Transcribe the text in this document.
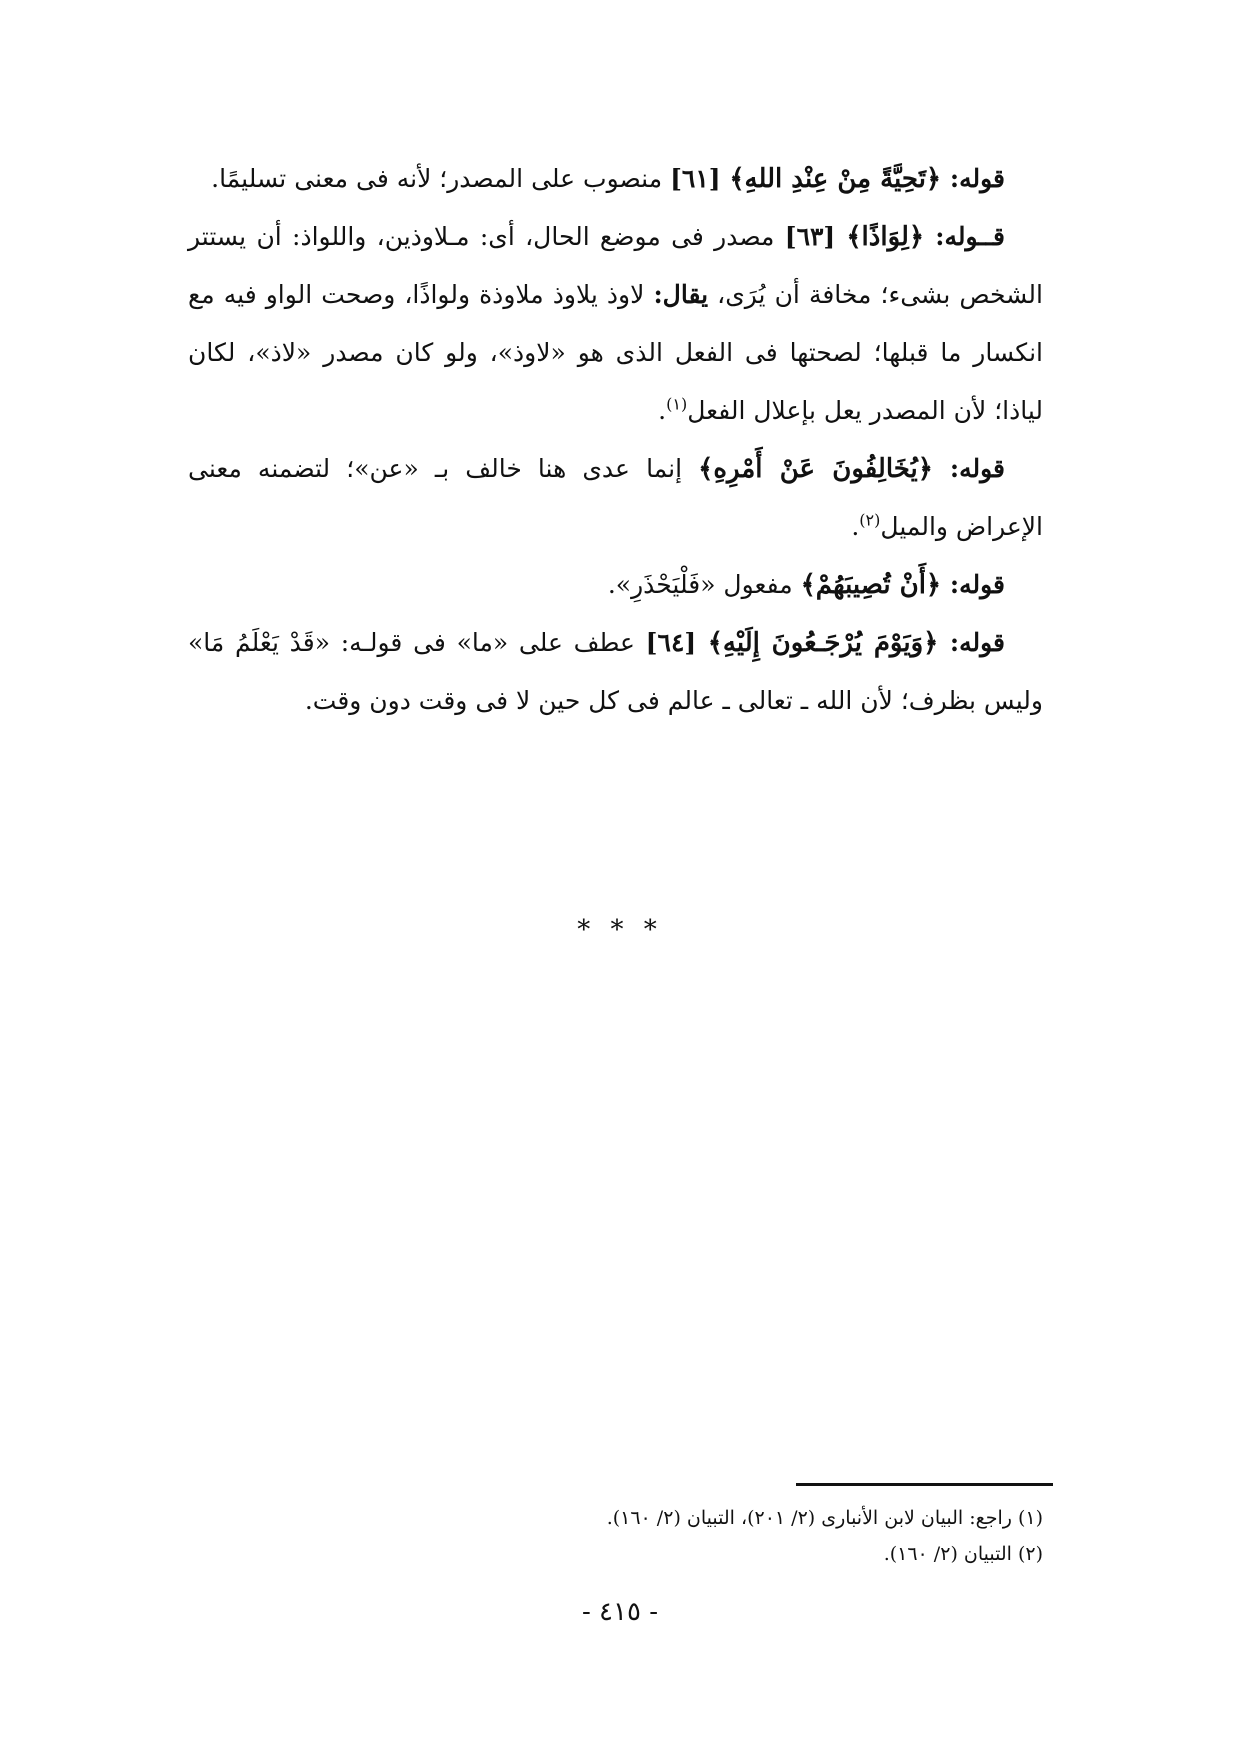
قوله: ﴿تَحِيَّةً مِنْ عِنْدِ اللهِ﴾ [٦١] منصوب على المصدر؛ لأنه فى معنى تسليمًا.

قــوله: ﴿لِوَاذًا﴾ [٦٣] مصدر فى موضع الحال، أى: مـلاوذين، واللواذ: أن يستتر الشخص بشىء؛ مخافة أن يُرَى، يقال: لاوذ يلاوذ ملاوذة ولواذًا، وصحت الواو فيه مع انكسار ما قبلها؛ لصحتها فى الفعل الذى هو «لاوذ»، ولو كان مصدر «لاذ»، لكان لياذا؛ لأن المصدر يعل بإعلال الفعل$^{(١)}$.

قوله: ﴿يُخَالِفُونَ عَنْ أَمْرِهِ﴾ إنما عدى هنا خالف بـ «عن»؛ لتضمنه معنى الإعراض والميل$^{(٢)}$.

قوله: ﴿أَنْ تُصِيبَهُمْ﴾ مفعول «فَلْيَحْذَرِ».

قوله: ﴿وَيَوْمَ يُرْجَـعُونَ إِلَيْهِ﴾ [٦٤] عطف على «ما» فى قولـه: «قَدْ يَعْلَمُ مَا» وليس بظرف؛ لأن الله ـ تعالى ـ عالم فى كل حين لا فى وقت دون وقت.

* * *
(١) راجع: البيان لابن الأنبارى (٢/ ٢٠١)، التبيان (٢/ ١٦٠).
(٢) التبيان (٢/ ١٦٠).
- ٤١٥ -
